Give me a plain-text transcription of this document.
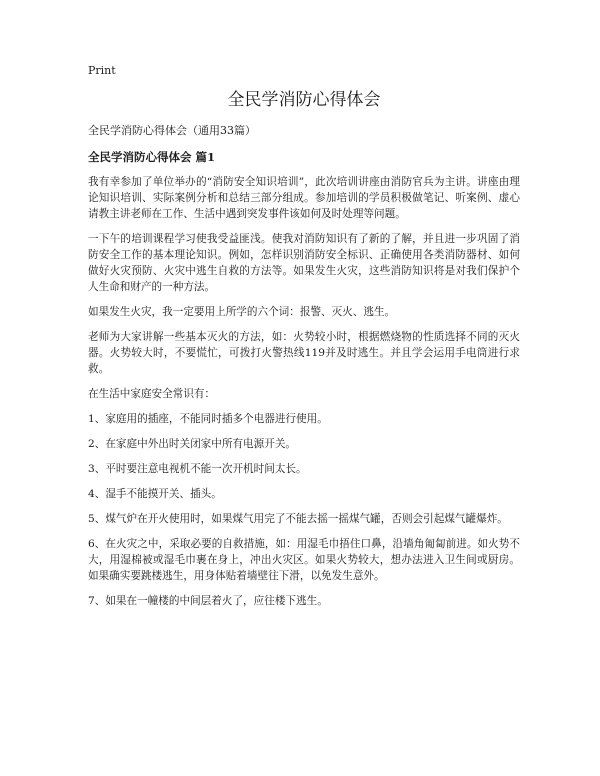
Print
全民学消防心得体会

全民学消防心得体会（通用33篇）

全民学消防心得体会 篇1

我有幸参加了单位举办的“消防安全知识培训”，此次培训讲座由消防官兵为主讲。讲座由理论知识培训、实际案例分析和总结三部分组成。参加培训的学员积极做笔记、听案例、虚心请教主讲老师在工作、生活中遇到突发事件该如何及时处理等问题。

一下午的培训课程学习使我受益匪浅。使我对消防知识有了新的了解，并且进一步巩固了消防安全工作的基本理论知识。例如，怎样识别消防安全标识、正确使用各类消防器材、如何做好火灾预防、火灾中逃生自救的方法等。如果发生火灾，这些消防知识将是对我们保护个人生命和财产的一种方法。

如果发生火灾，我一定要用上所学的六个词：报警、灭火、逃生。

老师为大家讲解一些基本灭火的方法，如：火势较小时，根据燃烧物的性质选择不同的灭火器。火势较大时，不要慌忙，可拨打火警热线119并及时逃生。并且学会运用手电筒进行求救。

在生活中家庭安全常识有：

1、家庭用的插座，不能同时插多个电器进行使用。

2、在家庭中外出时关闭家中所有电源开关。

3、平时要注意电视机不能一次开机时间太长。

4、湿手不能摸开关、插头。

5、煤气炉在开火使用时，如果煤气用完了不能去摇一摇煤气罐，否则会引起煤气罐爆炸。

6、在火灾之中，采取必要的自救措施，如：用湿毛巾捂住口鼻，沿墙角匍匐前进。如火势不大，用湿棉被或湿毛巾裹在身上，冲出火灾区。如果火势较大，想办法进入卫生间或厨房。如果确实要跳楼逃生，用身体贴着墙壁往下滑，以免发生意外。

7、如果在一幢楼的中间层着火了，应往楼下逃生。
